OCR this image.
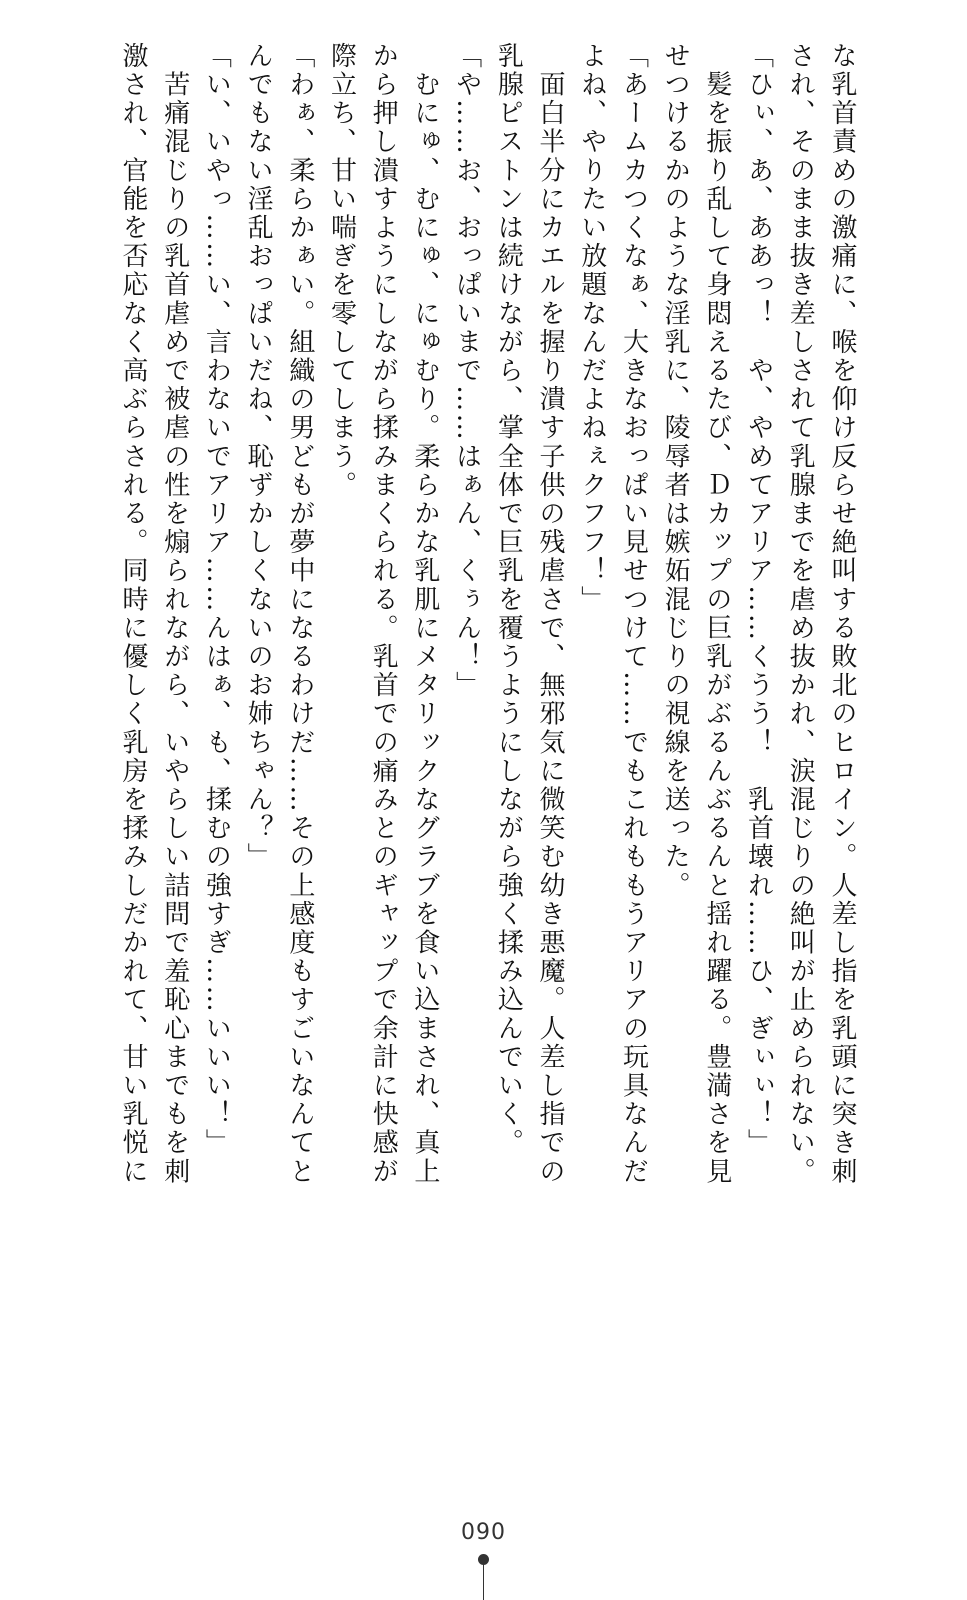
な乳首責めの激痛に、喉を仰け反らせ絶叫する敗北のヒロイン。人差し指を乳頭に突き刺
され、そのまま抜き差しされて乳腺までを虐め抜かれ、涙混じりの絶叫が止められない。
「ひぃ、あ、ああっ！　や、やめてアリア……くうう！　乳首壊れ……ひ、ぎぃぃ！」
　髪を振り乱して身悶えるたび、Ｄカップの巨乳がぶるんぶるんと揺れ躍る。豊満さを見
せつけるかのような淫乳に、陵辱者は嫉妬混じりの視線を送った。
「あームカつくなぁ、大きなおっぱい見せつけて……でもこれももうアリアの玩具なんだ
よね、やりたい放題なんだよねぇクフフ！」
　面白半分にカエルを握り潰す子供の残虐さで、無邪気に微笑む幼き悪魔。人差し指での
乳腺ピストンは続けながら、掌全体で巨乳を覆うようにしながら強く揉み込んでいく。
「や……お、おっぱいまで……はぁん、くぅん！」
　むにゅ、むにゅ、にゅむり。柔らかな乳肌にメタリックなグラブを食い込まされ、真上
から押し潰すようにしながら揉みまくられる。乳首での痛みとのギャップで余計に快感が
際立ち、甘い喘ぎを零してしまう。
「わぁ、柔らかぁい。組織の男どもが夢中になるわけだ……その上感度もすごいなんてと
んでもない淫乱おっぱいだね、恥ずかしくないのお姉ちゃん？」
「い、いやっ……い、言わないでアリア……んはぁ、も、揉むの強すぎ……いいい！」
　苦痛混じりの乳首虐めで被虐の性を煽られながら、いやらしい詰問で羞恥心までもを刺
激され、官能を否応なく高ぶらされる。同時に優しく乳房を揉みしだかれて、甘い乳悦に
090
